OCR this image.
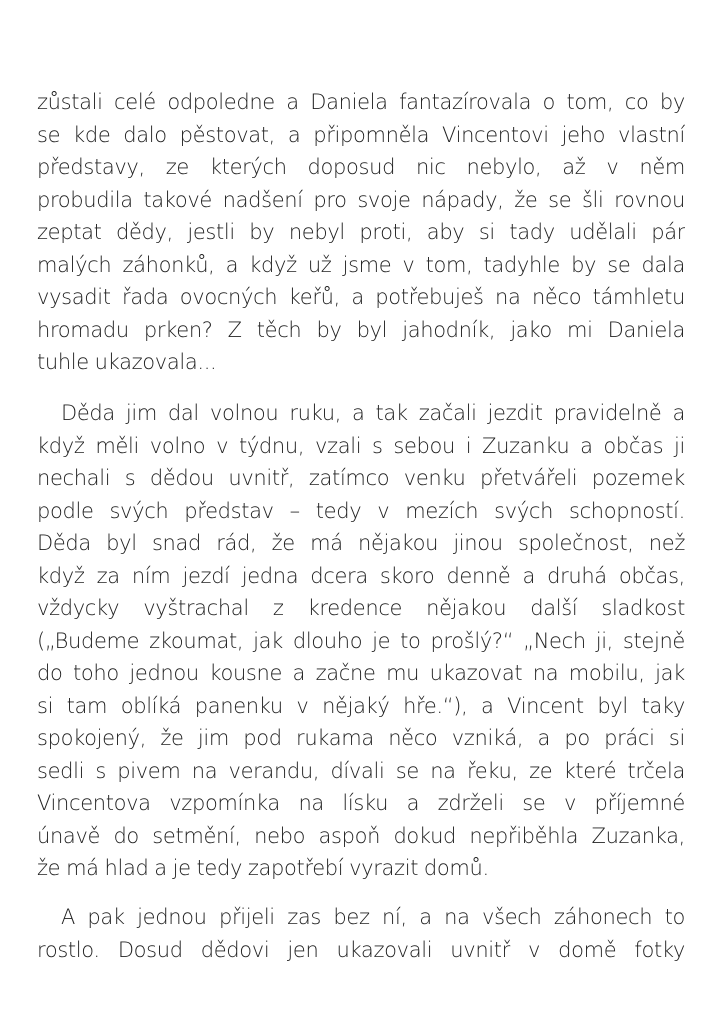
zůstali celé odpoledne a Daniela fantazírovala o tom, co by
se kde dalo pěstovat, a připomněla Vincentovi jeho vlastní
představy, ze kterých doposud nic nebylo, až v něm
probudila takové nadšení pro svoje nápady, že se šli rovnou
zeptat dědy, jestli by nebyl proti, aby si tady udělali pár
malých záhonků, a když už jsme v tom, tadyhle by se dala
vysadit řada ovocných keřů, a potřebuješ na něco támhletu
hromadu prken? Z těch by byl jahodník, jako mi Daniela
tuhle ukazovala...
Děda jim dal volnou ruku, a tak začali jezdit pravidelně a
když měli volno v týdnu, vzali s sebou i Zuzanku a občas ji
nechali s dědou uvnitř, zatímco venku přetvářeli pozemek
podle svých představ – tedy v mezích svých schopností.
Děda byl snad rád, že má nějakou jinou společnost, než
když za ním jezdí jedna dcera skoro denně a druhá občas,
vždycky vyštrachal z kredence nějakou další sladkost
(„Budeme zkoumat, jak dlouho je to prošlý?“ „Nech ji, stejně
do toho jednou kousne a začne mu ukazovat na mobilu, jak
si tam oblíká panenku v nějaký hře.“), a Vincent byl taky
spokojený, že jim pod rukama něco vzniká, a po práci si
sedli s pivem na verandu, dívali se na řeku, ze které trčela
Vincentova vzpomínka na lísku a zdrželi se v příjemné
únavě do setmění, nebo aspoň dokud nepřiběhla Zuzanka,
že má hlad a je tedy zapotřebí vyrazit domů.
A pak jednou přijeli zas bez ní, a na všech záhonech to
rostlo. Dosud dědovi jen ukazovali uvnitř v domě fotky
